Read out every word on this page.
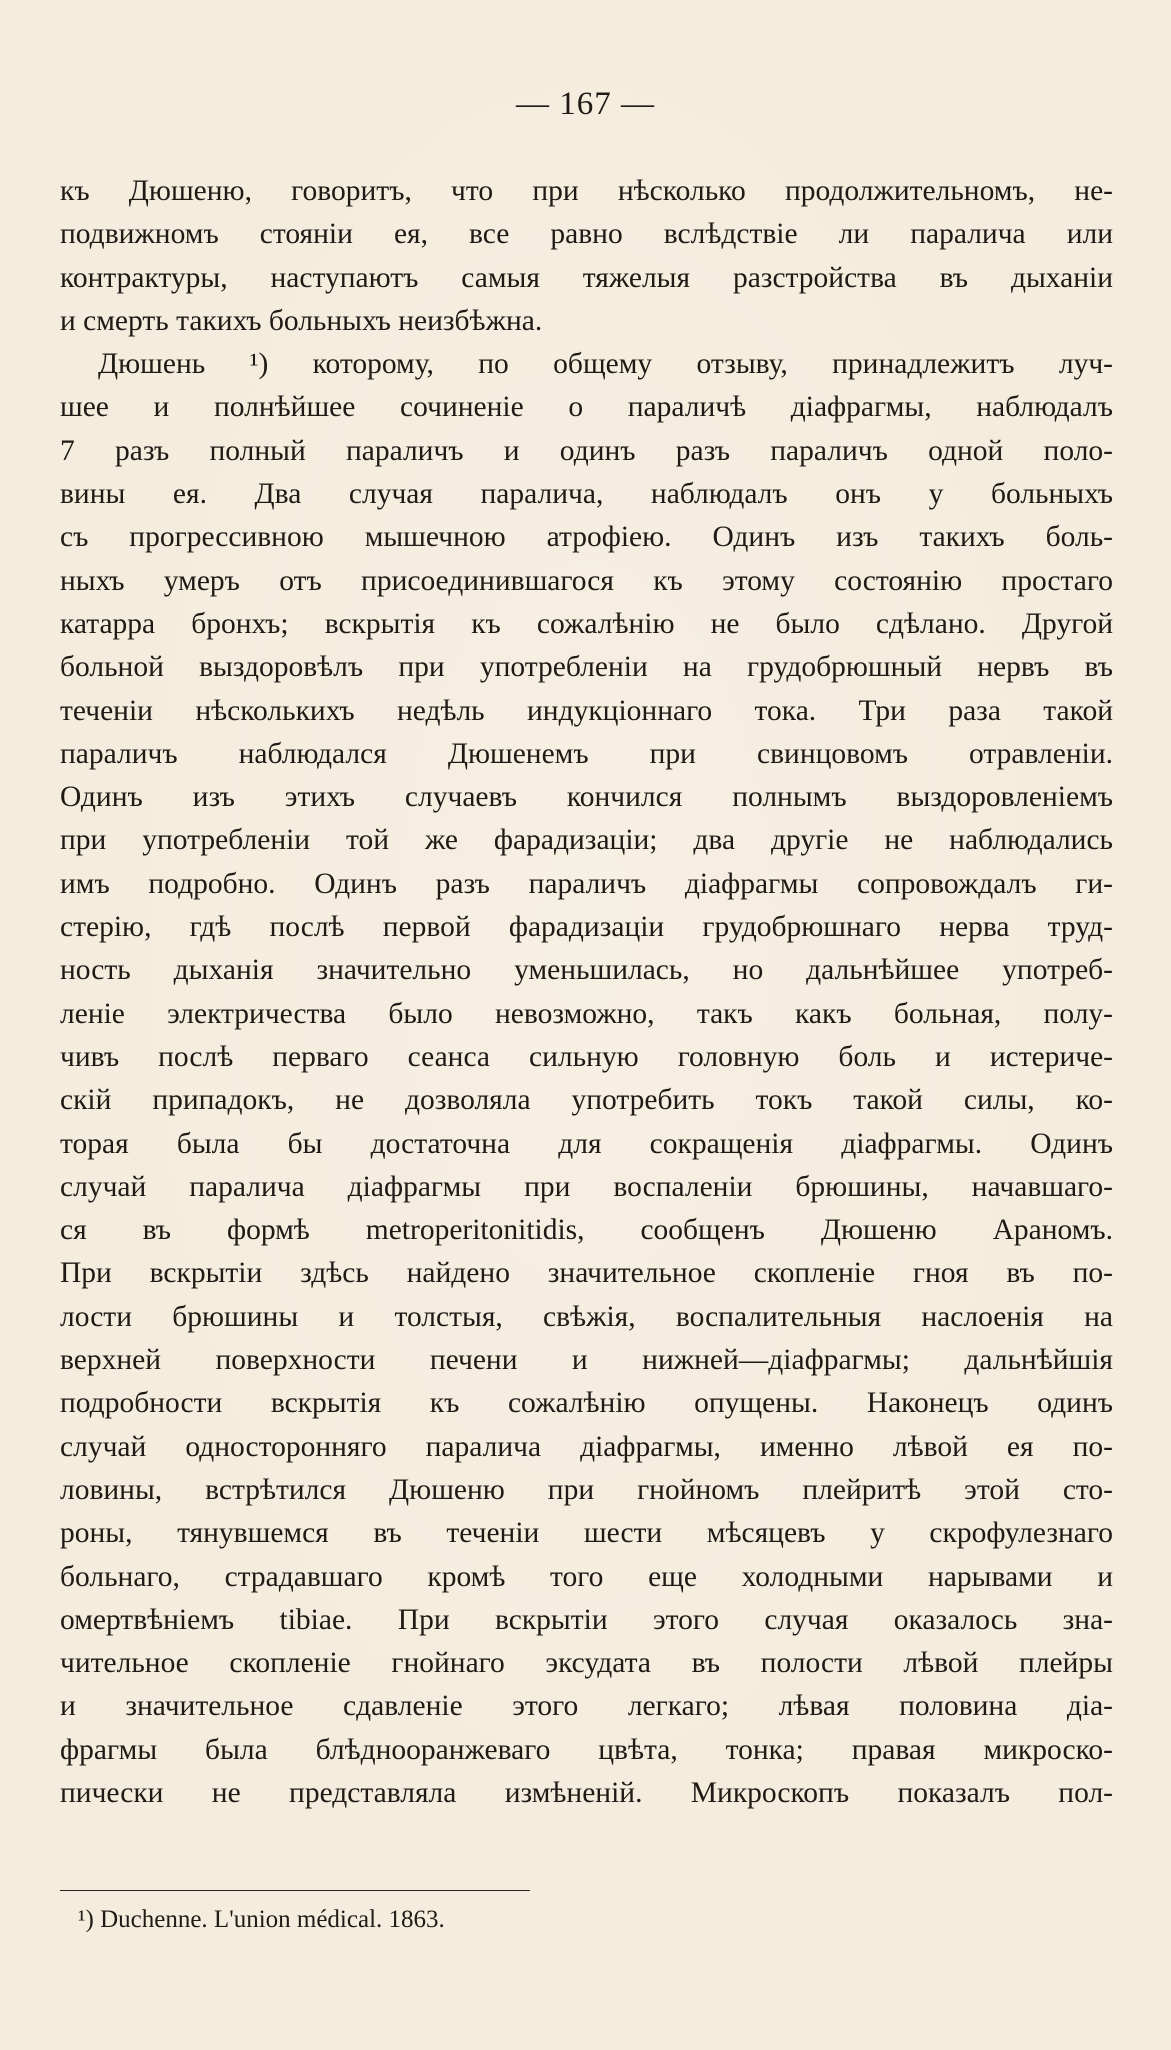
— 167 —
къ Дюшеню, говоритъ, что при нѣсколько продолжительномъ, не-
подвижномъ стояніи ея, все равно вслѣдствіе ли паралича или
контрактуры, наступаютъ самыя тяжелыя разстройства въ дыханіи
и смерть такихъ больныхъ неизбѣжна.
Дюшень ¹) которому, по общему отзыву, принадлежитъ луч-
шее и полнѣйшее сочиненіе о параличѣ діафрагмы, наблюдалъ
7 разъ полный параличъ и одинъ разъ параличъ одной поло-
вины ея. Два случая паралича, наблюдалъ онъ у больныхъ
съ прогрессивною мышечною атрофіею. Одинъ изъ такихъ боль-
ныхъ умеръ отъ присоединившагося къ этому состоянію простаго
катарра бронхъ; вскрытія къ сожалѣнію не было сдѣлано. Другой
больной выздоровѣлъ при употребленіи на грудобрюшный нервъ въ
теченіи нѣсколькихъ недѣль индукціоннаго тока. Три раза такой
параличъ наблюдался Дюшенемъ при свинцовомъ отравленіи.
Одинъ изъ этихъ случаевъ кончился полнымъ выздоровленіемъ
при употребленіи той же фарадизаціи; два другіе не наблюдались
имъ подробно. Одинъ разъ параличъ діафрагмы сопровождалъ ги-
стерію, гдѣ послѣ первой фарадизаціи грудобрюшнаго нерва труд-
ность дыханія значительно уменьшилась, но дальнѣйшее употреб-
леніе электричества было невозможно, такъ какъ больная, полу-
чивъ послѣ перваго сеанса сильную головную боль и истериче-
скій припадокъ, не дозволяла употребить токъ такой силы, ко-
торая была бы достаточна для сокращенія діафрагмы. Одинъ
случай паралича діафрагмы при воспаленіи брюшины, начавшаго-
ся въ формѣ metroperitonitidis, сообщенъ Дюшеню Араномъ.
При вскрытіи здѣсь найдено значительное скопленіе гноя въ по-
лости брюшины и толстыя, свѣжія, воспалительныя наслоенія на
верхней поверхности печени и нижней—діафрагмы; дальнѣйшія
подробности вскрытія къ сожалѣнію опущены. Наконецъ одинъ
случай односторонняго паралича діафрагмы, именно лѣвой ея по-
ловины, встрѣтился Дюшеню при гнойномъ плейритѣ этой сто-
роны, тянувшемся въ теченіи шести мѣсяцевъ у скрофулезнаго
больнаго, страдавшаго кромѣ того еще холодными нарывами и
омертвѣніемъ tibiae. При вскрытіи этого случая оказалось зна-
чительное скопленіе гнойнаго эксудата въ полости лѣвой плейры
и значительное сдавленіе этого легкаго; лѣвая половина діа-
фрагмы была блѣднооранжеваго цвѣта, тонка; правая микроско-
пически не представляла измѣненій. Микроскопъ показалъ пол-
¹) Duchenne. L'union médical. 1863.
